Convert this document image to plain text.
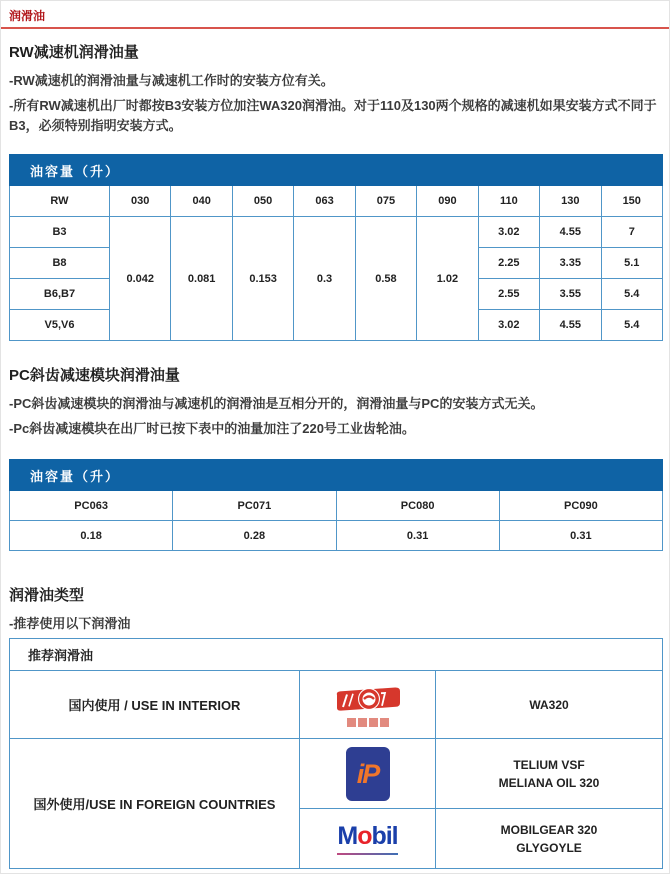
润滑油
RW减速机润滑油量
-RW减速机的润滑油量与减速机工作时的安装方位有关。
-所有RW减速机出厂时都按B3安装方位加注WA320润滑油。对于110及130两个规格的减速机如果安装方式不同于B3，必须特别指明安装方式。
油容量（升）									
RW	030	040	050	063	075	090	110	130	150
B3	0.042	0.081	0.153	0.3	0.58	1.02	3.02	4.55	7
B8							2.25	3.35	5.1
B6,B7							2.55	3.55	5.4
V5,V6							3.02	4.55	5.4
PC斜齿减速模块润滑油量
-PC斜齿减速模块的润滑油与减速机的润滑油是互相分开的，润滑油量与PC的安装方式无关。
-Pc斜齿减速模块在出厂时已按下表中的油量加注了220号工业齿轮油。
油容量（升）			
PC063	PC071	PC080	PC090
0.18	0.28	0.31	0.31
润滑油类型
-推荐使用以下润滑油
推荐润滑油		
国内使用 / USE IN INTERIOR		WA320
国外使用/USE IN FOREIGN COUNTRIES	iP	TELIUM VSF
MELIANA OIL 320

	Mobil	MOBILGEAR 320
GLYGOYLE
